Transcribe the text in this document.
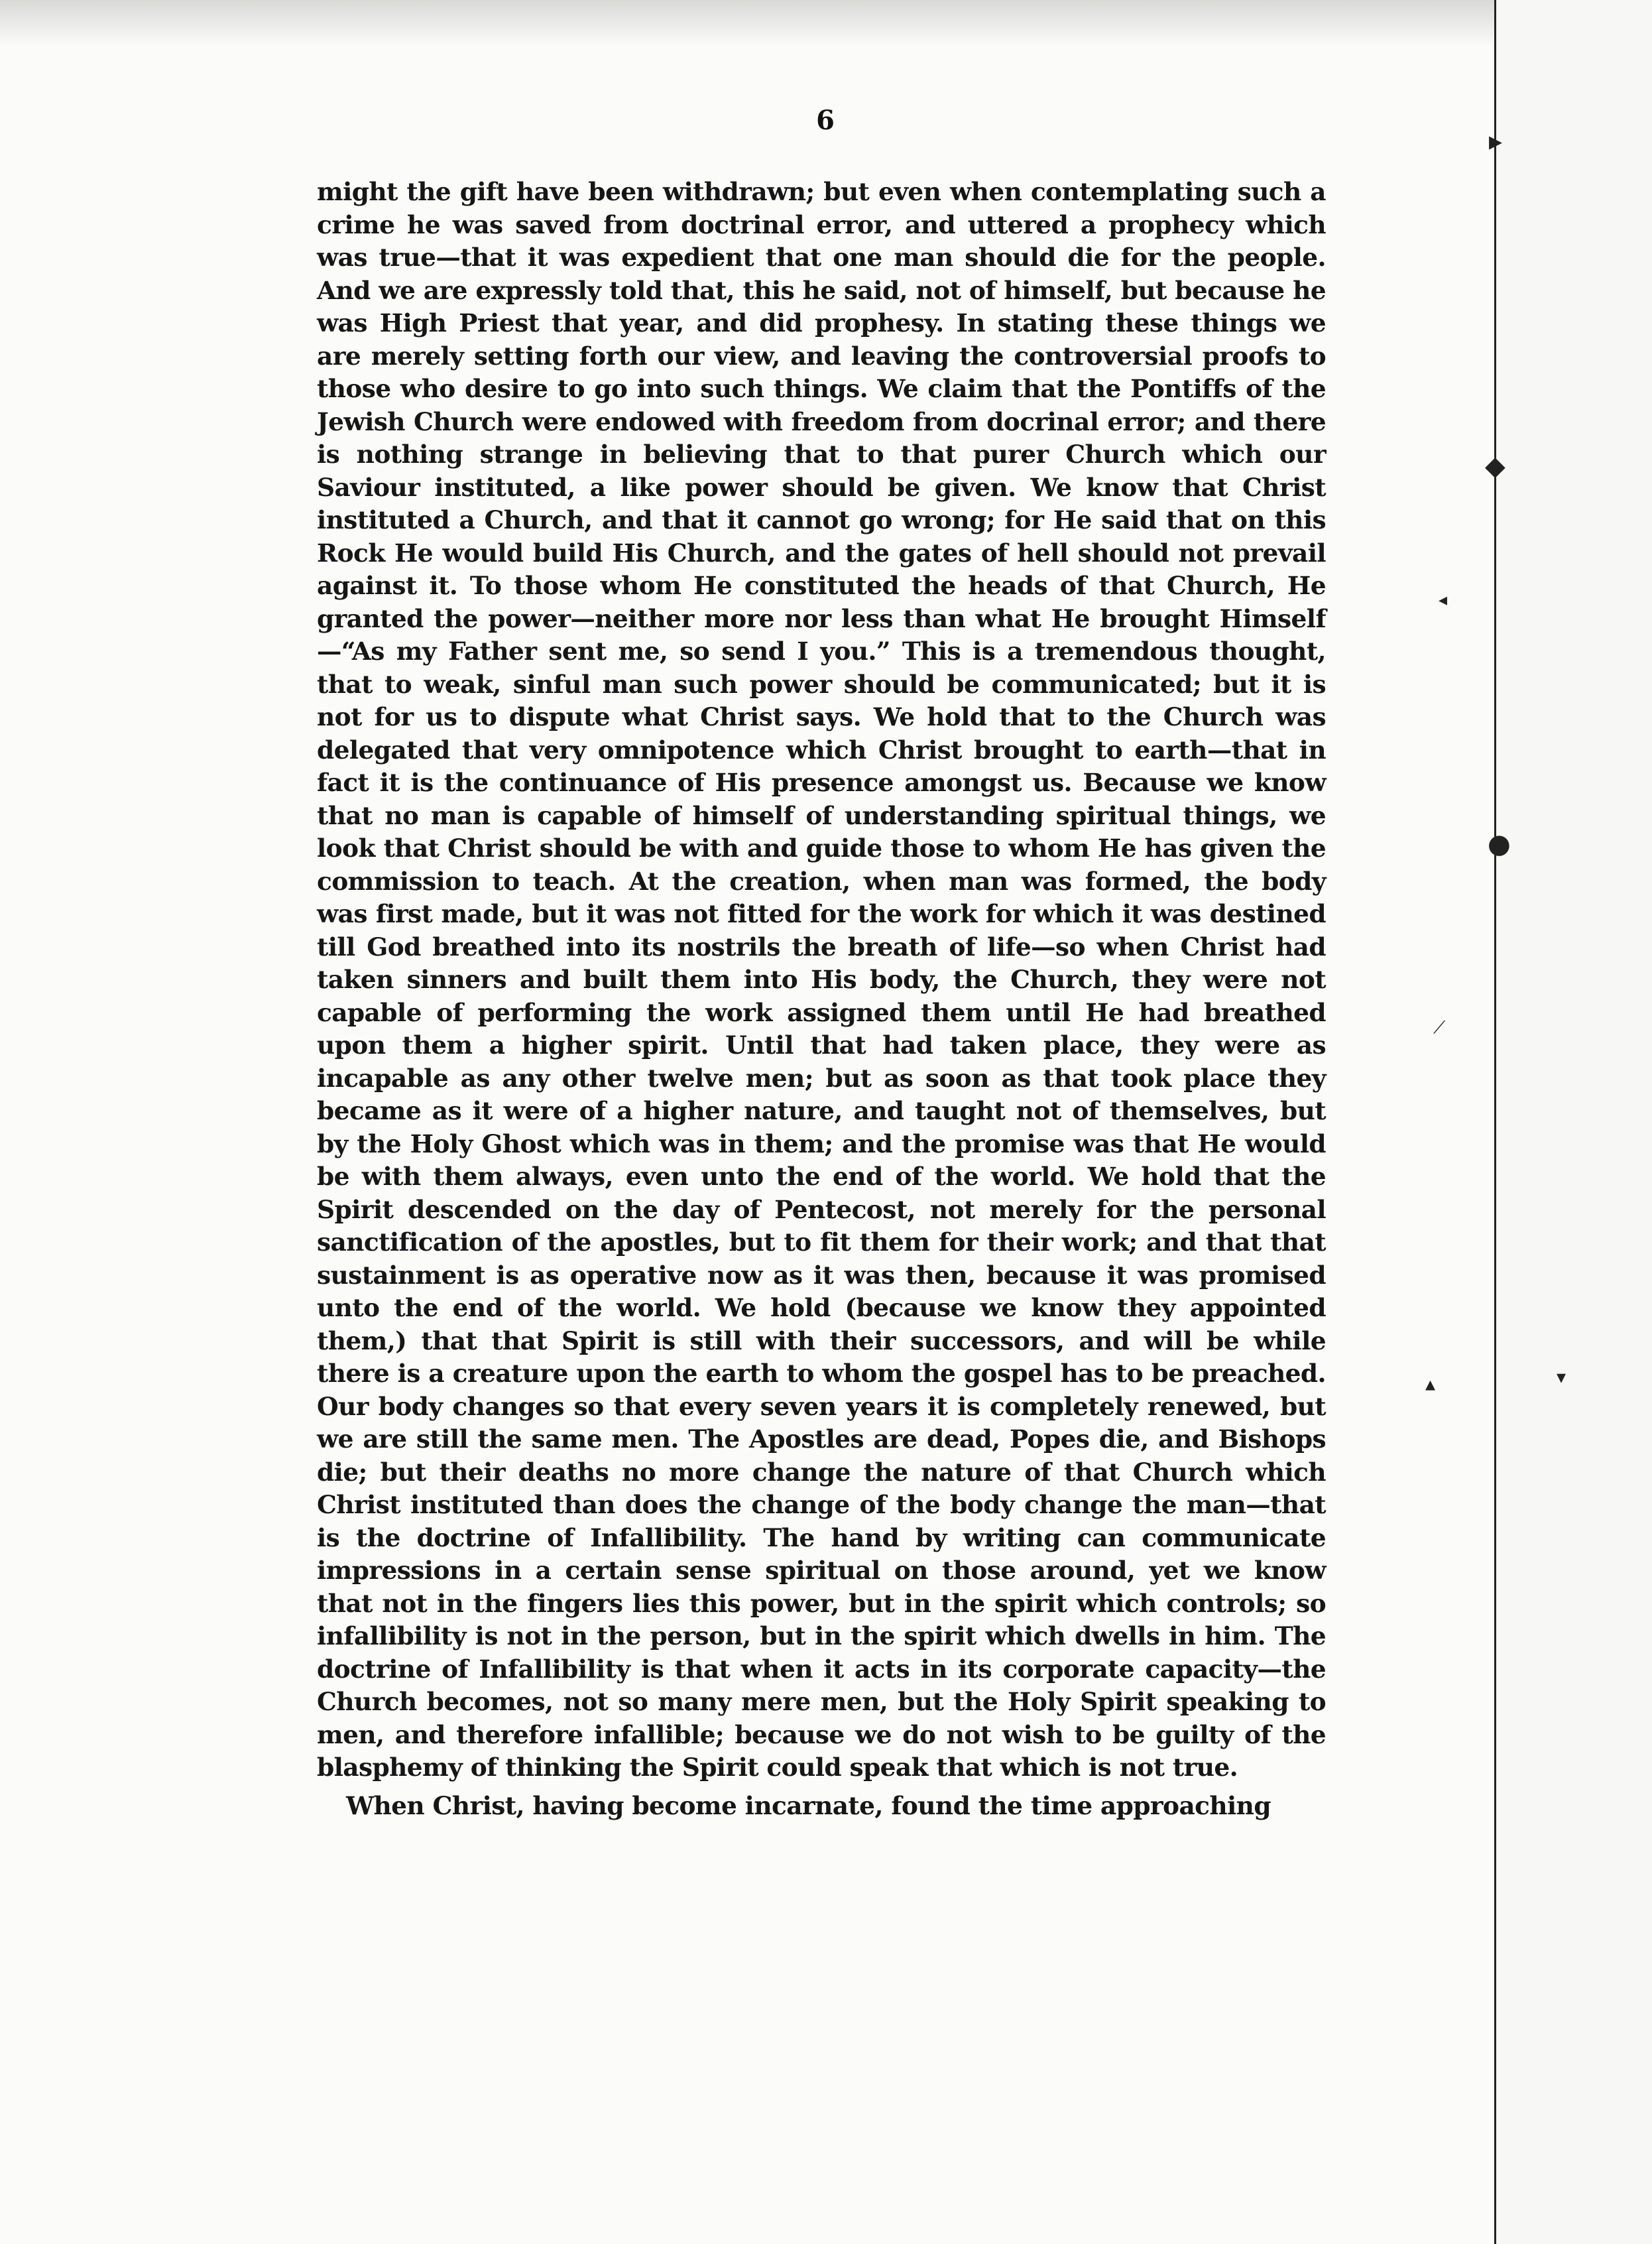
▸
◆
●
▾
◂
⟋
▴
6

might the gift have been withdrawn; but even when contemplating such a crime he was saved from doctrinal error, and uttered a prophecy which was true—that it was expedient that one man should die for the people. And we are expressly told that, this he said, not of himself, but because he was High Priest that year, and did prophesy. In stating these things we are merely setting forth our view, and leaving the controversial proofs to those who desire to go into such things. We claim that the Pontiffs of the Jewish Church were endowed with freedom from docrinal error; and there is nothing strange in believing that to that purer Church which our Saviour instituted, a like power should be given. We know that Christ instituted a Church, and that it cannot go wrong; for He said that on this Rock He would build His Church, and the gates of hell should not prevail against it. To those whom He constituted the heads of that Church, He granted the power—neither more nor less than what He brought Himself—“As my Father sent me, so send I you.” This is a tremendous thought, that to weak, sinful man such power should be communicated; but it is not for us to dispute what Christ says. We hold that to the Church was delegated that very omnipotence which Christ brought to earth—that in fact it is the continuance of His presence amongst us. Because we know that no man is capable of himself of understanding spiritual things, we look that Christ should be with and guide those to whom He has given the commission to teach. At the creation, when man was formed, the body was first made, but it was not fitted for the work for which it was destined till God breathed into its nostrils the breath of life—so when Christ had taken sinners and built them into His body, the Church, they were not capable of performing the work assigned them until He had breathed upon them a higher spirit. Until that had taken place, they were as incapable as any other twelve men; but as soon as that took place they became as it were of a higher nature, and taught not of themselves, but by the Holy Ghost which was in them; and the promise was that He would be with them always, even unto the end of the world. We hold that the Spirit descended on the day of Pentecost, not merely for the personal sanctification of the apostles, but to fit them for their work; and that that sustainment is as operative now as it was then, because it was promised unto the end of the world. We hold (because we know they appointed them,) that that Spirit is still with their successors, and will be while there is a creature upon the earth to whom the gospel has to be preached. Our body changes so that every seven years it is completely renewed, but we are still the same men. The Apostles are dead, Popes die, and Bishops die; but their deaths no more change the nature of that Church which Christ instituted than does the change of the body change the man—that is the doctrine of Infallibility. The hand by writing can communicate impressions in a certain sense spiritual on those around, yet we know that not in the fingers lies this power, but in the spirit which controls; so infallibility is not in the person, but in the spirit which dwells in him. The doctrine of Infallibility is that when it acts in its corporate capacity—the Church becomes, not so many mere men, but the Holy Spirit speaking to men, and therefore infallible; because we do not wish to be guilty of the blasphemy of thinking the Spirit could speak that which is not true.

When Christ, having become incarnate, found the time approaching
